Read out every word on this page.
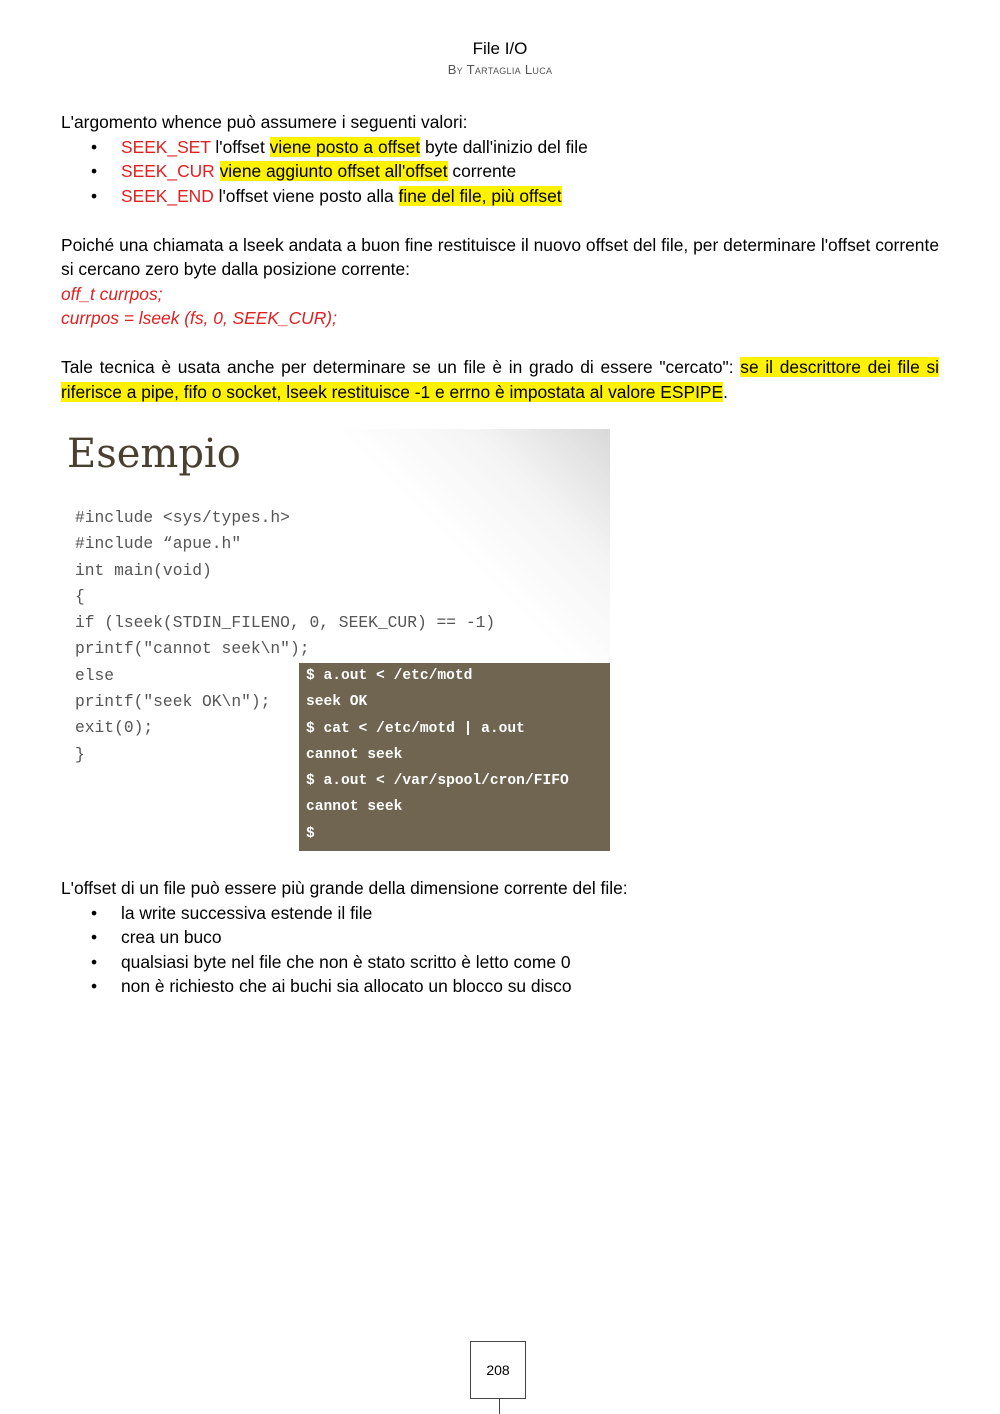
File I/O
By Tartaglia Luca

L'argomento whence può assumere i seguenti valori:

• SEEK_SET l'offset viene posto a offset byte dall'inizio del file
• SEEK_CUR viene aggiunto offset all'offset corrente
• SEEK_END l'offset viene posto alla fine del file, più offset

Poiché una chiamata a lseek andata a buon fine restituisce il nuovo offset del file, per determinare l'offset corrente si cercano zero byte dalla posizione corrente:

off_t currpos;

currpos = lseek (fs, 0, SEEK_CUR);

Tale tecnica è usata anche per determinare se un file è in grado di essere "cercato": se il descrittore dei file si riferisce a pipe, fifo o socket, lseek restituisce -1 e errno è impostata al valore ESPIPE.

Esempio
#include <sys/types.h>
#include “apue.h"
int main(void)
{
if (lseek(STDIN_FILENO, 0, SEEK_CUR) == -1)
printf("cannot seek\n");
else
printf("seek OK\n");
exit(0);
}
$ a.out < /etc/motd
seek OK
$ cat < /etc/motd | a.out
cannot seek
$ a.out < /var/spool/cron/FIFO
cannot seek
$

L'offset di un file può essere più grande della dimensione corrente del file:

• la write successiva estende il file
• crea un buco
• qualsiasi byte nel file che non è stato scritto è letto come 0
• non è richiesto che ai buchi sia allocato un blocco su disco
208
